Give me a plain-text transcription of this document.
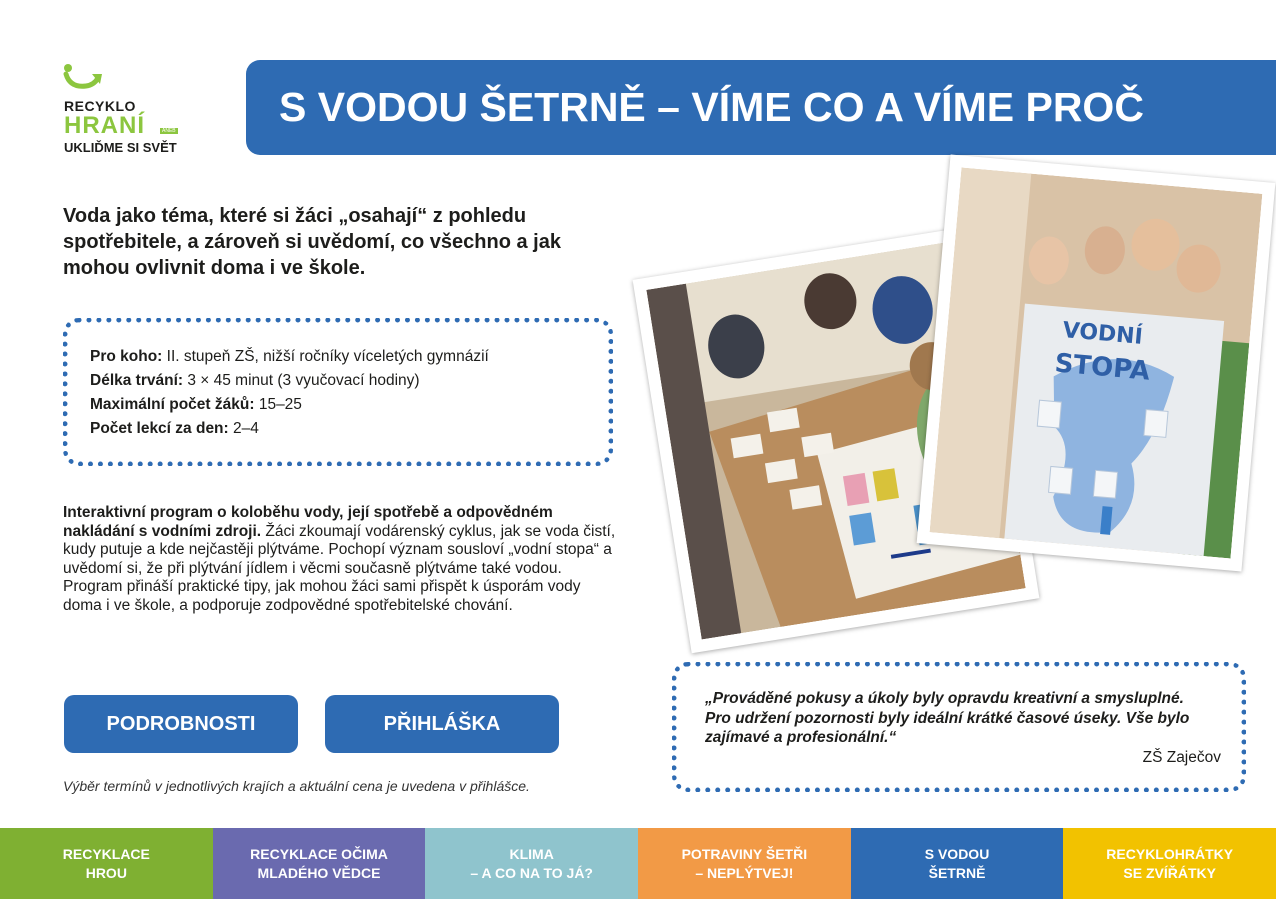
RECYKLO
HRANÍ	ANEB
UKLIĎME SI SVĚT
S VODOU ŠETRNĚ – VÍME CO A VÍME PROČ
Voda jako téma, které si žáci „osahají“ z pohledu spotřebitele, a zároveň si uvědomí, co všechno a jak mohou ovlivnit doma i ve škole.
Pro koho: II. stupeň ZŠ, nižší ročníky víceletých gymnázií
Délka trvání: 3 × 45 minut (3 vyučovací hodiny)
Maximální počet žáků: 15–25
Počet lekcí za den: 2–4
Interaktivní program o koloběhu vody, její spotřebě a odpovědném nakládání s vodními zdroji. Žáci zkoumají vodárenský cyklus, jak se voda čistí, kudy putuje a kde nejčastěji plýtváme. Pochopí význam sousloví „vodní stopa“ a uvědomí si, že při plýtvání jídlem i věcmi současně plýtváme také vodou. Program přináší praktické tipy, jak mohou žáci sami přispět k úsporám vody doma i ve škole, a podporuje zodpovědné spotřebitelské chování.
PODROBNOSTI	PŘIHLÁŠKA
Výběr termínů v jednotlivých krajích a aktuální cena je uvedena v přihlášce.
VODNÍ
STOPA
„Prováděné pokusy a úkoly byly opravdu kreativní a smysluplné. Pro udržení pozornosti byly ideální krátké časové úseky. Vše bylo zajímavé a profesionální.“
ZŠ Zaječov
RECYKLACE
HROU
RECYKLACE OČIMA
MLADÉHO VĚDCE
KLIMA
– A CO NA TO JÁ?
POTRAVINY ŠETŘI
– NEPLÝTVEJ!
S VODOU
ŠETRNĚ
RECYKLOHRÁTKY
SE ZVÍŘÁTKY
